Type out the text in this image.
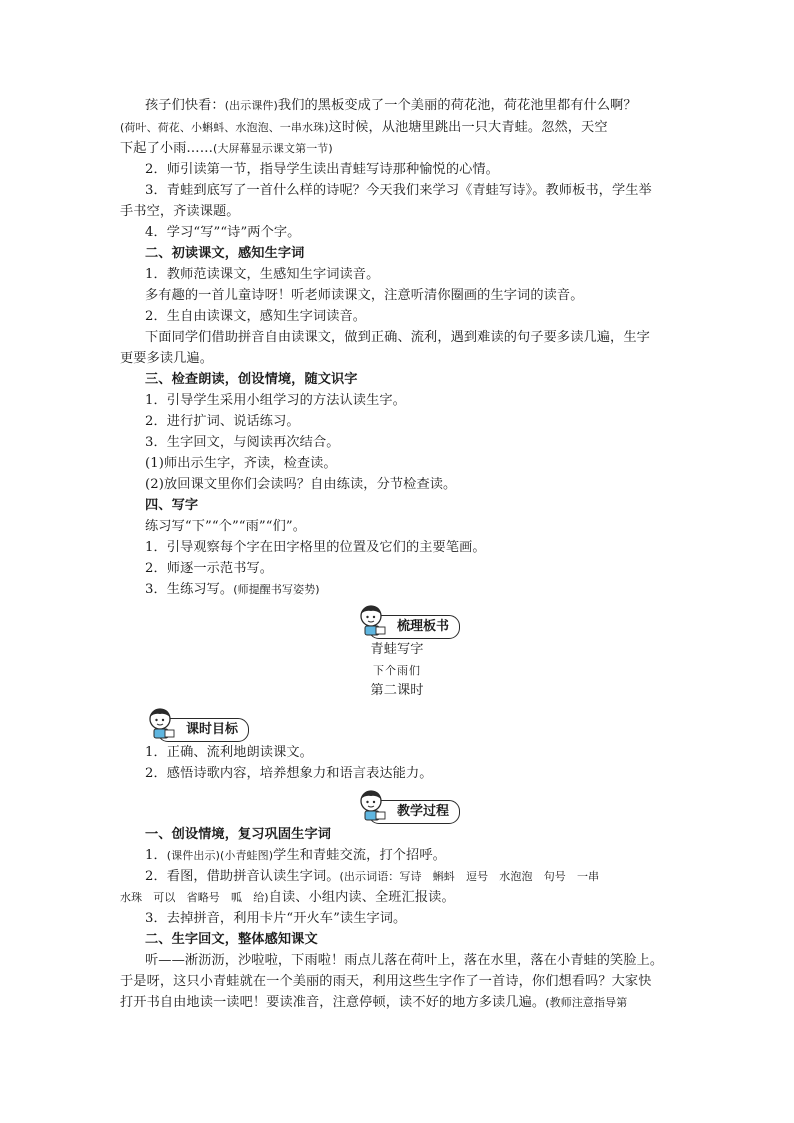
孩子们快看：(出示课件)我们的黑板变成了一个美丽的荷花池，荷花池里都有什么啊？
(荷叶、荷花、小蝌蚪、水泡泡、一串水珠)这时候，从池塘里跳出一只大青蛙。忽然，天空
下起了小雨……(大屏幕显示课文第一节)
2．师引读第一节，指导学生读出青蛙写诗那种愉悦的心情。
3．青蛙到底写了一首什么样的诗呢？今天我们来学习《青蛙写诗》。教师板书，学生举
手书空，齐读课题。
4．学习“写”“诗”两个字。
二、初读课文，感知生字词
1．教师范读课文，生感知生字词读音。
多有趣的一首儿童诗呀！听老师读课文，注意听清你圈画的生字词的读音。
2．生自由读课文，感知生字词读音。
下面同学们借助拼音自由读课文，做到正确、流利，遇到难读的句子要多读几遍，生字
更要多读几遍。
三、检查朗读，创设情境，随文识字
1．引导学生采用小组学习的方法认读生字。
2．进行扩词、说话练习。
3．生字回文，与阅读再次结合。
(1)师出示生字，齐读，检查读。
(2)放回课文里你们会读吗？自由练读，分节检查读。
四、写字
练习写“下”“个”“雨”“们”。
1．引导观察每个字在田字格里的位置及它们的主要笔画。
2．师逐一示范书写。
3．生练习写。(师提醒书写姿势)
梳理板书
青蛙写字
下个雨们
第二课时
课时目标
1．正确、流利地朗读课文。
2．感悟诗歌内容，培养想象力和语言表达能力。
教学过程
一、创设情境，复习巩固生字词
1．(课件出示)(小青蛙图)学生和青蛙交流，打个招呼。
2．看图，借助拼音认读生字词。(出示词语：写诗　蝌蚪　逗号　水泡泡　句号　一串
水珠　可以　省略号　呱　给)自读、小组内读、全班汇报读。
3．去掉拼音，利用卡片“开火车”读生字词。
二、生字回文，整体感知课文
听——淅沥沥，沙啦啦，下雨啦！雨点儿落在荷叶上，落在水里，落在小青蛙的笑脸上。
于是呀，这只小青蛙就在一个美丽的雨天，利用这些生字作了一首诗，你们想看吗？大家快
打开书自由地读一读吧！要读准音，注意停顿，读不好的地方多读几遍。(教师注意指导第
